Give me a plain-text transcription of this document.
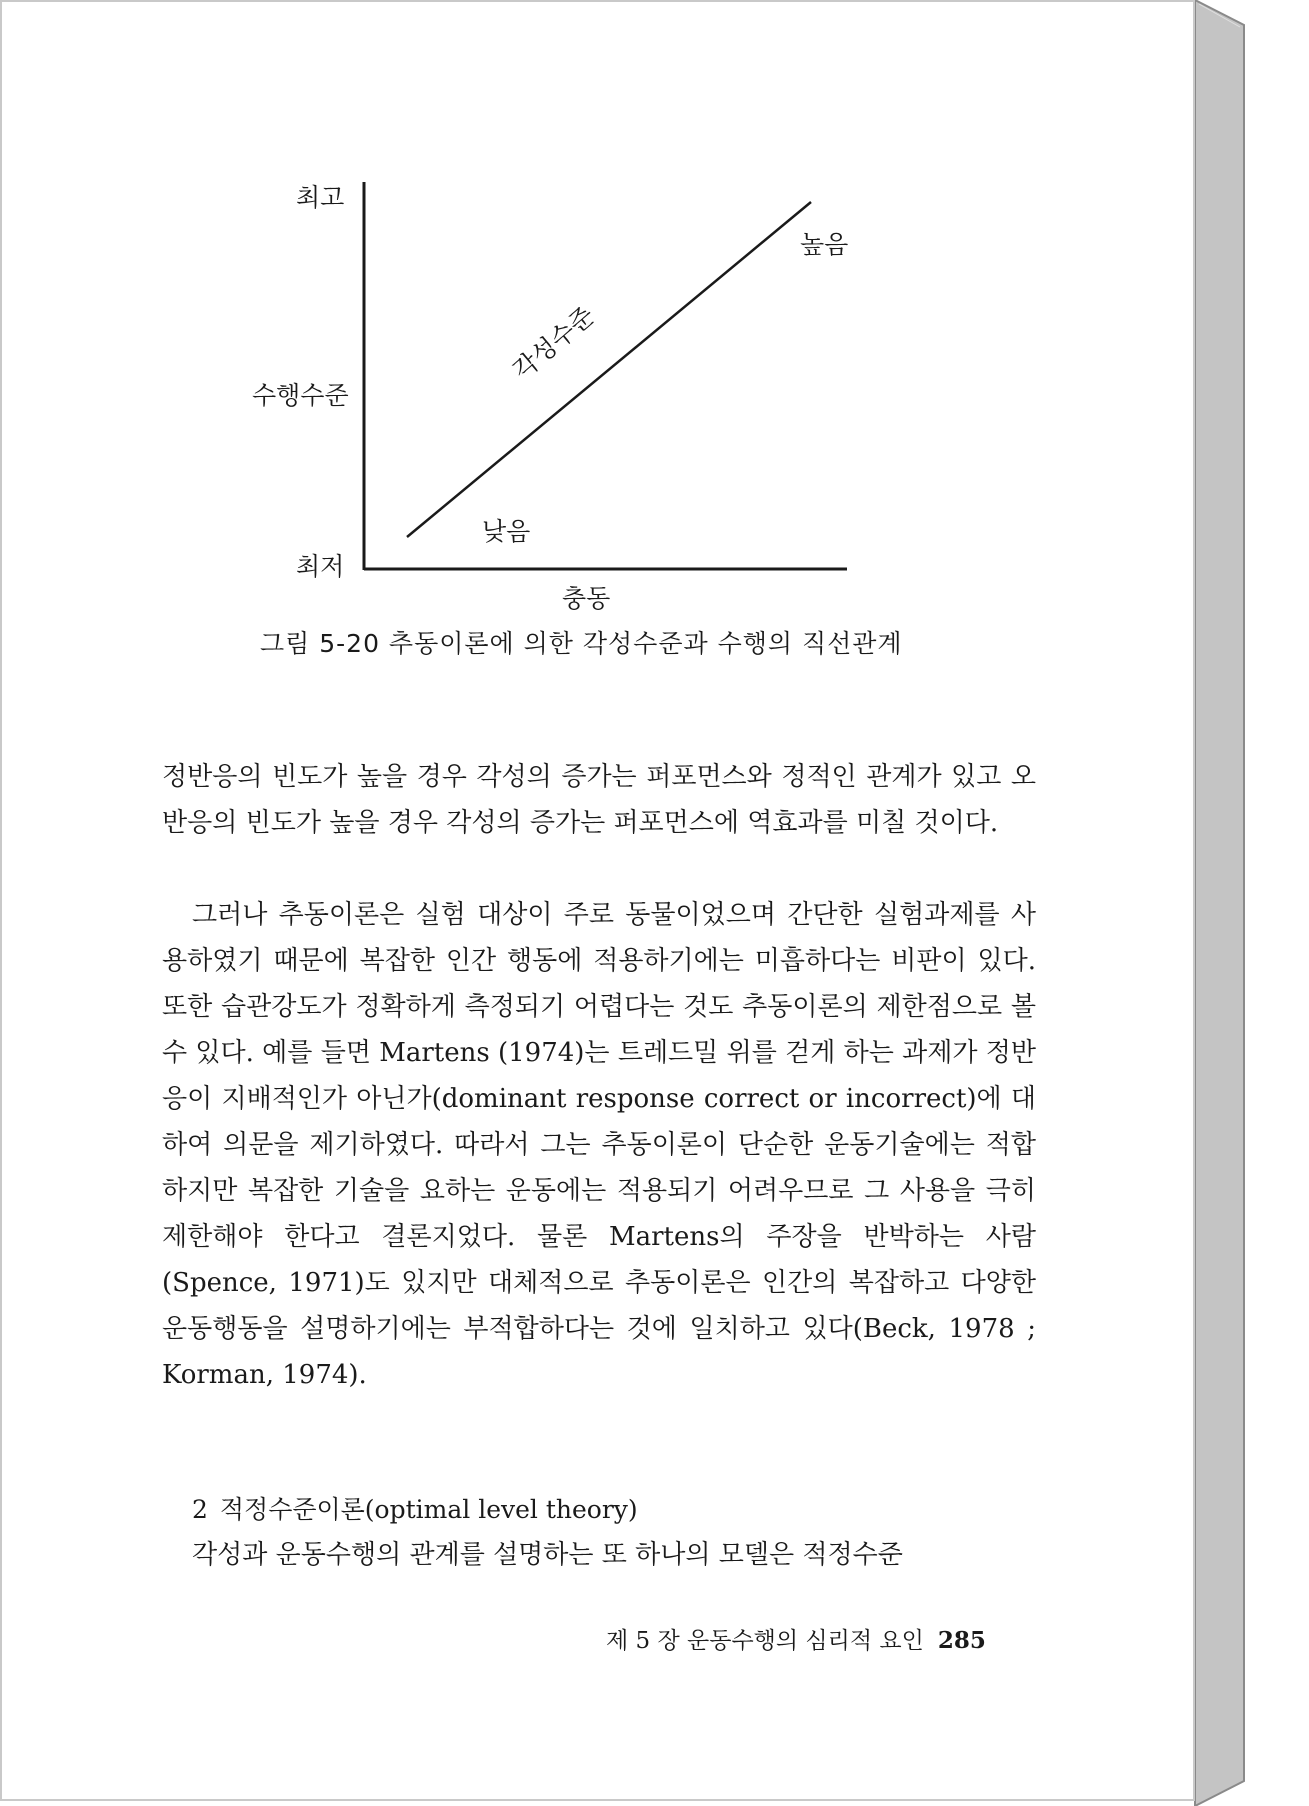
최고
수행수준
최저
충동
높음
낮음
각성수준
그림 5-20 추동이론에 의한 각성수준과 수행의 직선관계

정반응의 빈도가 높을 경우 각성의 증가는 퍼포먼스와 정적인 관계가 있고 오반응의 빈도가 높을 경우 각성의 증가는 퍼포먼스에 역효과를 미칠 것이다.

그러나 추동이론은 실험 대상이 주로 동물이었으며 간단한 실험과제를 사용하였기 때문에 복잡한 인간 행동에 적용하기에는 미흡하다는 비판이 있다. 또한 습관강도가 정확하게 측정되기 어렵다는 것도 추동이론의 제한점으로 볼 수 있다. 예를 들면 Martens (1974)는 트레드밀 위를 걷게 하는 과제가 정반응이 지배적인가 아닌가(dominant response correct or incorrect)에 대하여 의문을 제기하였다. 따라서 그는 추동이론이 단순한 운동기술에는 적합하지만 복잡한 기술을 요하는 운동에는 적용되기 어려우므로 그 사용을 극히 제한해야 한다고 결론지었다. 물론 Martens의 주장을 반박하는 사람(Spence, 1971)도 있지만 대체적으로 추동이론은 인간의 복잡하고 다양한 운동행동을 설명하기에는 부적합하다는 것에 일치하고 있다(Beck, 1978 ; Korman, 1974).

2 적정수준이론(optimal level theory)

각성과 운동수행의 관계를 설명하는 또 하나의 모델은 적정수준

제 5 장 운동수행의 심리적 요인 285
